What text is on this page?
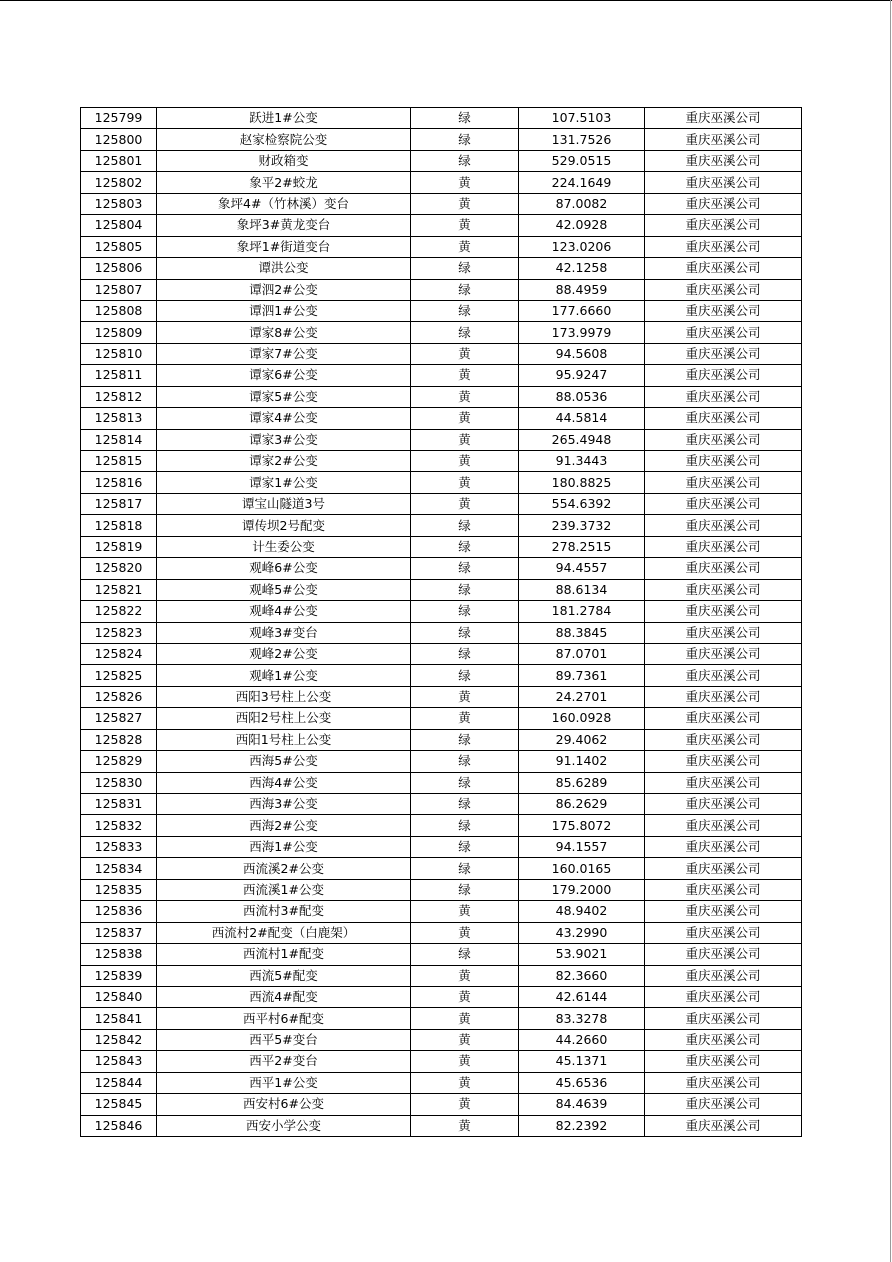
125799	跃进1#公变	绿	107.5103	重庆巫溪公司
125800	赵家检察院公变	绿	131.7526	重庆巫溪公司
125801	财政箱变	绿	529.0515	重庆巫溪公司
125802	象平2#蛟龙	黄	224.1649	重庆巫溪公司
125803	象坪4#（竹林溪）变台	黄	87.0082	重庆巫溪公司
125804	象坪3#黄龙变台	黄	42.0928	重庆巫溪公司
125805	象坪1#街道变台	黄	123.0206	重庆巫溪公司
125806	谭洪公变	绿	42.1258	重庆巫溪公司
125807	谭泗2#公变	绿	88.4959	重庆巫溪公司
125808	谭泗1#公变	绿	177.6660	重庆巫溪公司
125809	谭家8#公变	绿	173.9979	重庆巫溪公司
125810	谭家7#公变	黄	94.5608	重庆巫溪公司
125811	谭家6#公变	黄	95.9247	重庆巫溪公司
125812	谭家5#公变	黄	88.0536	重庆巫溪公司
125813	谭家4#公变	黄	44.5814	重庆巫溪公司
125814	谭家3#公变	黄	265.4948	重庆巫溪公司
125815	谭家2#公变	黄	91.3443	重庆巫溪公司
125816	谭家1#公变	黄	180.8825	重庆巫溪公司
125817	谭宝山隧道3号	黄	554.6392	重庆巫溪公司
125818	谭传坝2号配变	绿	239.3732	重庆巫溪公司
125819	计生委公变	绿	278.2515	重庆巫溪公司
125820	观峰6#公变	绿	94.4557	重庆巫溪公司
125821	观峰5#公变	绿	88.6134	重庆巫溪公司
125822	观峰4#公变	绿	181.2784	重庆巫溪公司
125823	观峰3#变台	绿	88.3845	重庆巫溪公司
125824	观峰2#公变	绿	87.0701	重庆巫溪公司
125825	观峰1#公变	绿	89.7361	重庆巫溪公司
125826	西阳3号柱上公变	黄	24.2701	重庆巫溪公司
125827	西阳2号柱上公变	黄	160.0928	重庆巫溪公司
125828	西阳1号柱上公变	绿	29.4062	重庆巫溪公司
125829	西海5#公变	绿	91.1402	重庆巫溪公司
125830	西海4#公变	绿	85.6289	重庆巫溪公司
125831	西海3#公变	绿	86.2629	重庆巫溪公司
125832	西海2#公变	绿	175.8072	重庆巫溪公司
125833	西海1#公变	绿	94.1557	重庆巫溪公司
125834	西流溪2#公变	绿	160.0165	重庆巫溪公司
125835	西流溪1#公变	绿	179.2000	重庆巫溪公司
125836	西流村3#配变	黄	48.9402	重庆巫溪公司
125837	西流村2#配变（白鹿架）	黄	43.2990	重庆巫溪公司
125838	西流村1#配变	绿	53.9021	重庆巫溪公司
125839	西流5#配变	黄	82.3660	重庆巫溪公司
125840	西流4#配变	黄	42.6144	重庆巫溪公司
125841	西平村6#配变	黄	83.3278	重庆巫溪公司
125842	西平5#变台	黄	44.2660	重庆巫溪公司
125843	西平2#变台	黄	45.1371	重庆巫溪公司
125844	西平1#公变	黄	45.6536	重庆巫溪公司
125845	西安村6#公变	黄	84.4639	重庆巫溪公司
125846	西安小学公变	黄	82.2392	重庆巫溪公司
